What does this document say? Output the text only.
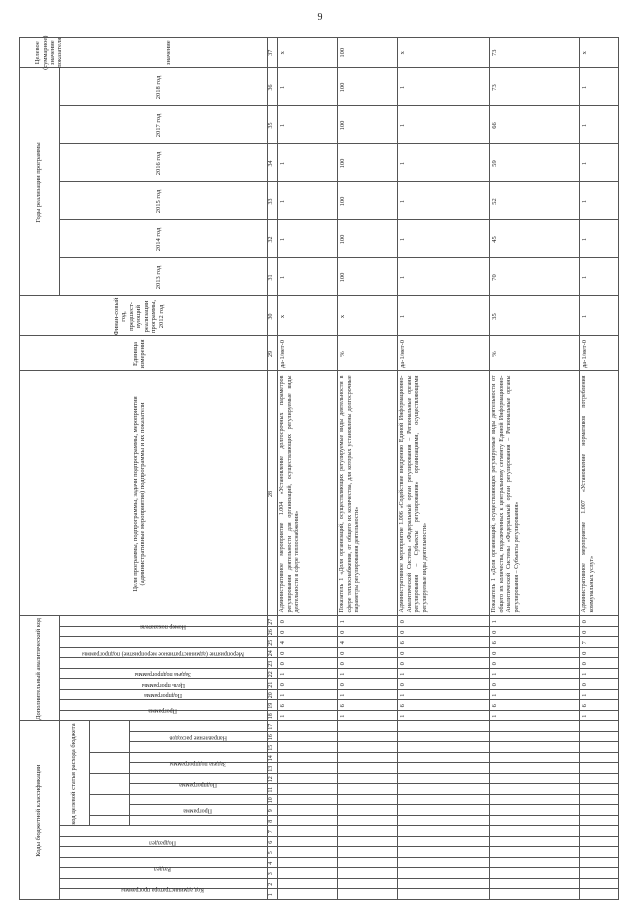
9
Коды бюджетной классификации
Дополнительный аналитический код
Цели программы, подпрограммы, задачи подпрограммы, мероприятия (административные мероприятия) подпрограммы и их показатели
Единица измерения
Финан-совый год, предшест-вующий реализации программы, 2012 год
Годы реализации программы
Целевое (суммарное) значение показателя	значение
2013 год
2014 год
2015 год
2016 год
2017 год
2018 год
код целевой статьи расхода бюджета
Код администратора программы
Раздел
Подраздел
Программа
Подпрограмма
Задача подпрограммы
Направление расходов
Программа
Подпрограмма
Цель программы
Задача подпрограммы
Мероприятие (административное мероприятие) подпрограммы
Номер показателя
1
2
3
4
5
6
7
8
9
10
11
12
13
14
15
16
17
18
19
20
21
22
23
24
25
26
27
28
29
30
31
32
33
34
35
36
37
1
6
1
0
1
0
0
4
0
0
Административное мероприятие 1.004 «Установление долгосрочных параметров регулирования деятельности для организаций, осуществляющих регулируемые виды деятельности в сфере теплоснабжения»
да-1/нет-0
х
1
1
1
1
1
1
х
1
6
1
0
1
0
0
4
0
1
Показатель 1 «Доля организаций, осуществляющих регулируемые виды деятельности в сфере теплоснабжения, от общего их количества, для которых установлены долгосрочные параметры регулирования деятельности»
%
х
100
100
100
100
100
100
100
1
6
1
0
1
0
0
6
0
0
Административное мероприятие 1.006 «Содействие внедрению Единой Информационно-Аналитической Системы «Федеральный орган регулирования – Региональные органы регулирования – Субъекты регулирования» организациями, осуществляющими регулируемые виды деятельности»
да-1/нет-0
1
1
1
1
1
1
1
х
1
6
1
0
1
0
0
6
0
1
Показатель 1 «Доля организаций, осуществляющих регулируемые виды деятельности от общего их количества, подключенных к центральному сегменту Единой Информационно-Аналитической Системы «Федеральный орган регулирования – Региональные органы регулирования – Субъекты регулирования»
%
35
70
45
52
59
66
73
73
1
6
1
0
1
0
0
7
0
0
Административное мероприятие 1.007 «Установление нормативов потребления коммунальных услуг»
да-1/нет-0
1
1
1
1
1
1
1
х
